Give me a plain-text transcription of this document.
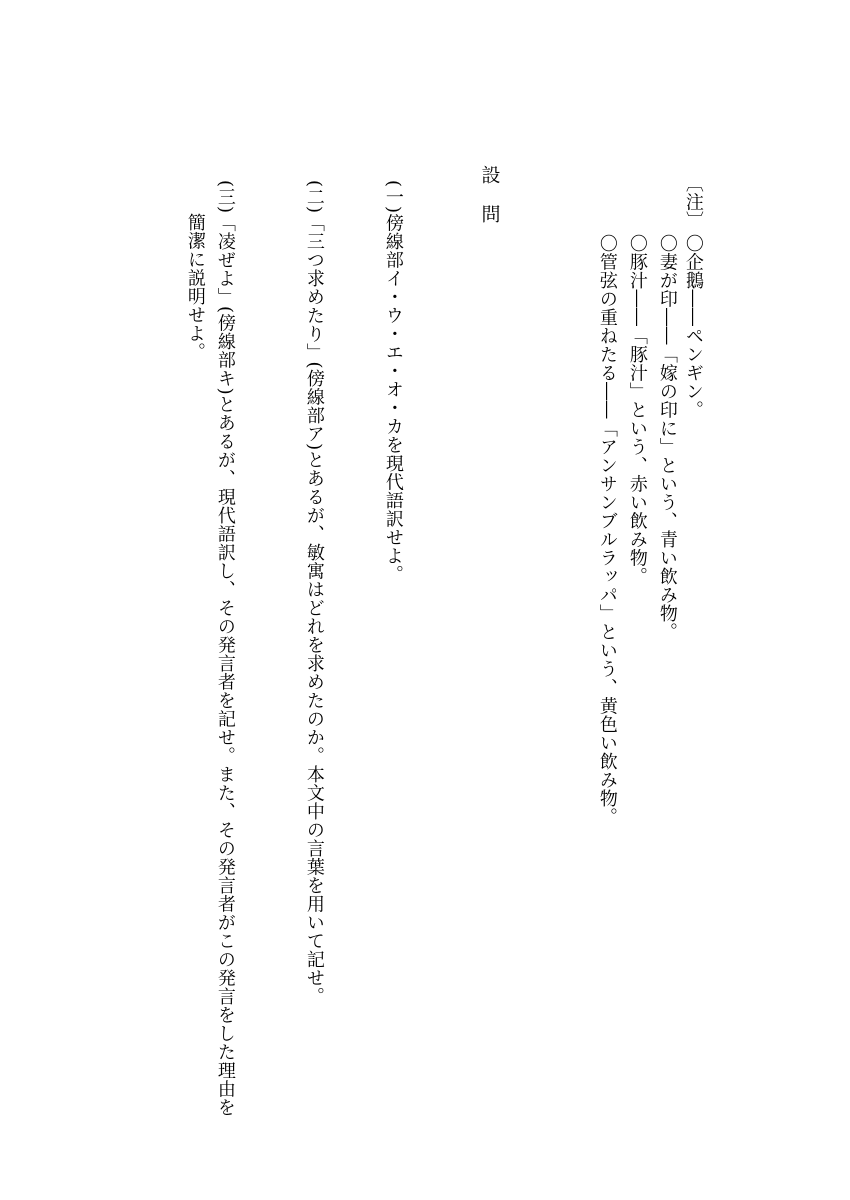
〔注〕

〇企鵝――ペンギン。

〇妻が印――「嫁の印に」という、青い飲み物。

〇豚汁――「豚汁」という、赤い飲み物。

〇管弦の重ねたる――「アンサンブルラッパ」という、黄色い飲み物。

設問

(一)傍線部イ・ウ・エ・オ・カを現代語訳せよ。

(二)「三つ求めたり」(傍線部ア)とあるが、敏寓はどれを求めたのか。本文中の言葉を用いて記せ。

(三)「凌ぜよ」(傍線部キ)とあるが、現代語訳し、その発言者を記せ。また、その発言者がこの発言をした理由を

簡潔に説明せよ。
